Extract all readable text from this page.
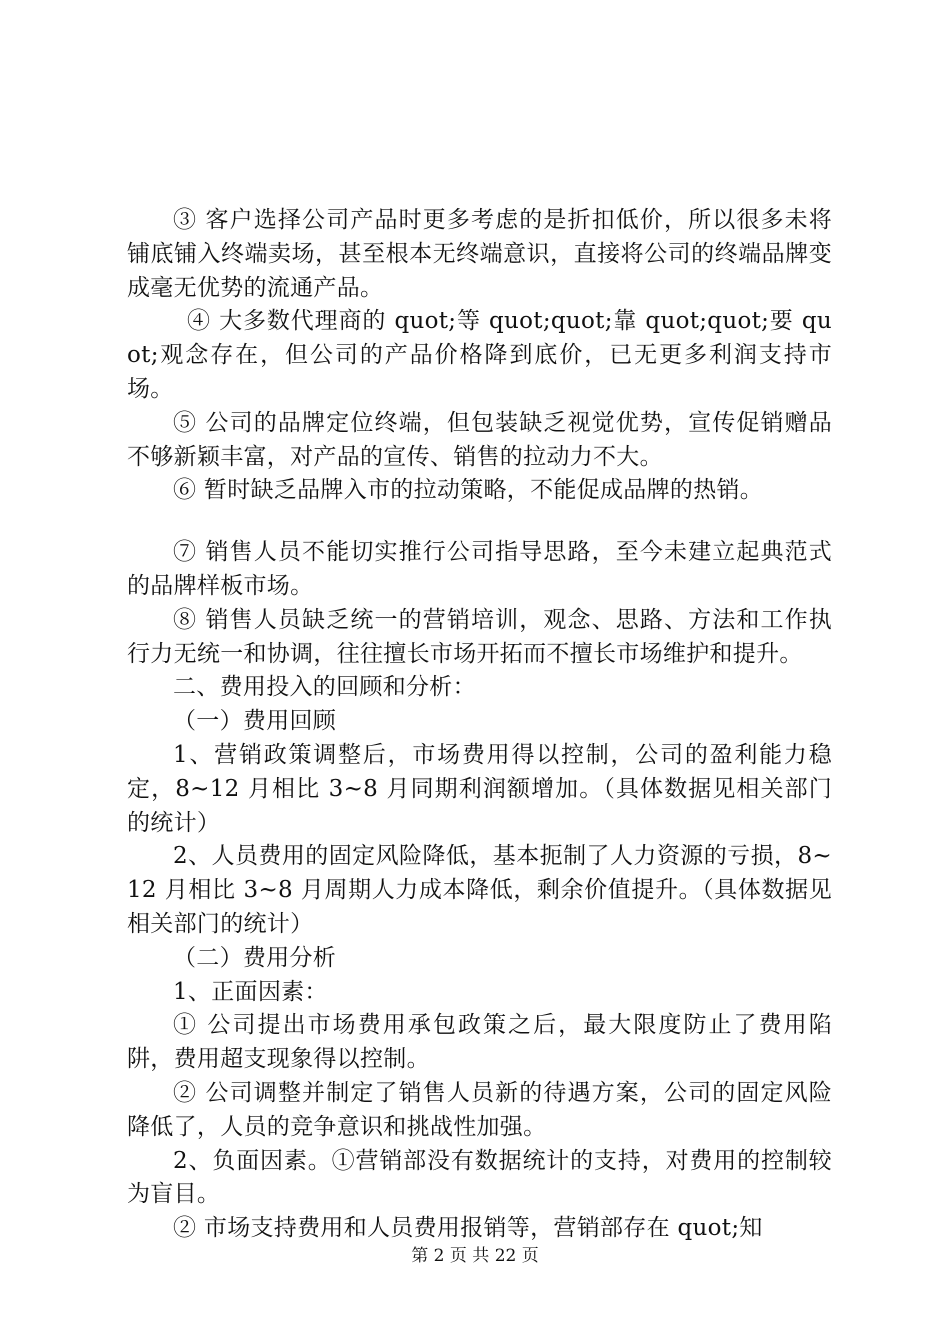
③ 客户选择公司产品时更多考虑的是折扣低价，所以很多未将铺底铺入终端卖场，甚至根本无终端意识，直接将公司的终端品牌变成毫无优势的流通产品。

④ 大多数代理商的 quot;等 quot;quot;靠 quot;quot;要 quot;观念存在，但公司的产品价格降到底价，已无更多利润支持市场。

⑤ 公司的品牌定位终端，但包装缺乏视觉优势，宣传促销赠品不够新颖丰富，对产品的宣传、销售的拉动力不大。

⑥ 暂时缺乏品牌入市的拉动策略，不能促成品牌的热销。

⑦ 销售人员不能切实推行公司指导思路，至今未建立起典范式的品牌样板市场。

⑧ 销售人员缺乏统一的营销培训，观念、思路、方法和工作执行力无统一和协调，往往擅长市场开拓而不擅长市场维护和提升。

二、费用投入的回顾和分析：

（一）费用回顾

1、营销政策调整后，市场费用得以控制，公司的盈利能力稳定，8~12 月相比 3~8 月同期利润额增加。（具体数据见相关部门的统计）

2、人员费用的固定风险降低，基本扼制了人力资源的亏损，8~12 月相比 3~8 月周期人力成本降低，剩余价值提升。（具体数据见相关部门的统计）

（二）费用分析

1、正面因素：

① 公司提出市场费用承包政策之后，最大限度防止了费用陷阱，费用超支现象得以控制。

② 公司调整并制定了销售人员新的待遇方案，公司的固定风险降低了，人员的竞争意识和挑战性加强。

2、负面因素。①营销部没有数据统计的支持，对费用的控制较为盲目。

② 市场支持费用和人员费用报销等，营销部存在 quot;知

第 2 页 共 22 页
